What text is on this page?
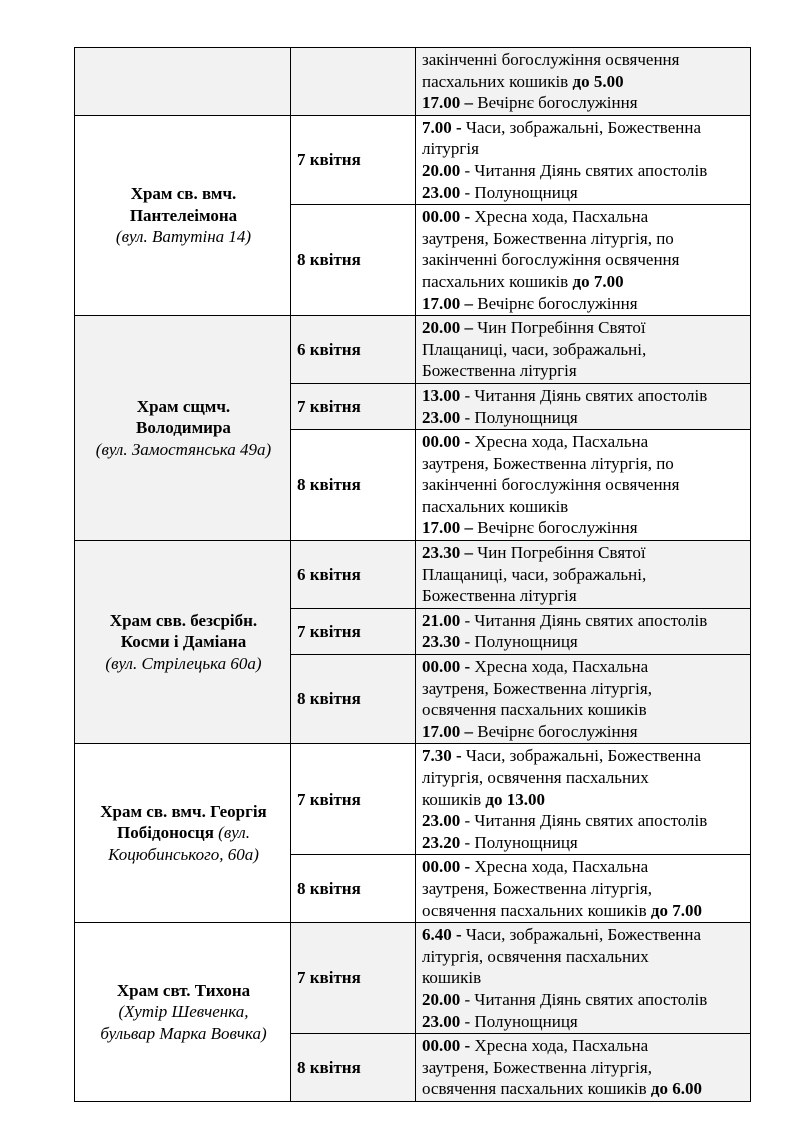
		закінченні богослужіння освячення
пасхальних кошиків до 5.00
17.00 – Вечірнє богослужіння

Храм св. вмч.
Пантелеімона
(вул. Ватутіна 14)	7 квітня	7.00 - Часи, зображальні, Божественна
літургія
20.00 - Читання Діянь святих апостолів
23.00 - Полунощниця

	8 квітня	00.00 - Хресна хода, Пасхальна
заутреня, Божественна літургія, по
закінченні богослужіння освячення
пасхальних кошиків до 7.00
17.00 – Вечірнє богослужіння

Храм сщмч.
Володимира
(вул. Замостянська 49а)	6 квітня	20.00 – Чин Погребіння Святої
Плащаниці, часи, зображальні,
Божественна літургія

	7 квітня	13.00 - Читання Діянь святих апостолів
23.00 - Полунощниця

	8 квітня	00.00 - Хресна хода, Пасхальна
заутреня, Божественна літургія, по
закінченні богослужіння освячення
пасхальних кошиків
17.00 – Вечірнє богослужіння

Храм свв. безсрібн.
Косми і Даміана
(вул. Стрілецька 60а)	6 квітня	23.30 – Чин Погребіння Святої
Плащаниці, часи, зображальні,
Божественна літургія

	7 квітня	21.00 - Читання Діянь святих апостолів
23.30 - Полунощниця

	8 квітня	00.00 - Хресна хода, Пасхальна
заутреня, Божественна літургія,
освячення пасхальних кошиків
17.00 – Вечірнє богослужіння

Храм св. вмч. Георгія
Побідоносця (вул.
Коцюбинського, 60а)	7 квітня	7.30 - Часи, зображальні, Божественна
літургія, освячення пасхальних
кошиків до 13.00
23.00 - Читання Діянь святих апостолів
23.20 - Полунощниця

	8 квітня	00.00 - Хресна хода, Пасхальна
заутреня, Божественна літургія,
освячення пасхальних кошиків до 7.00

Храм свт. Тихона
(Хутір Шевченка,
бульвар Марка Вовчка)	7 квітня	6.40 - Часи, зображальні, Божественна
літургія, освячення пасхальних
кошиків
20.00 - Читання Діянь святих апостолів
23.00 - Полунощниця

	8 квітня	00.00 - Хресна хода, Пасхальна
заутреня, Божественна літургія,
освячення пасхальних кошиків до 6.00
